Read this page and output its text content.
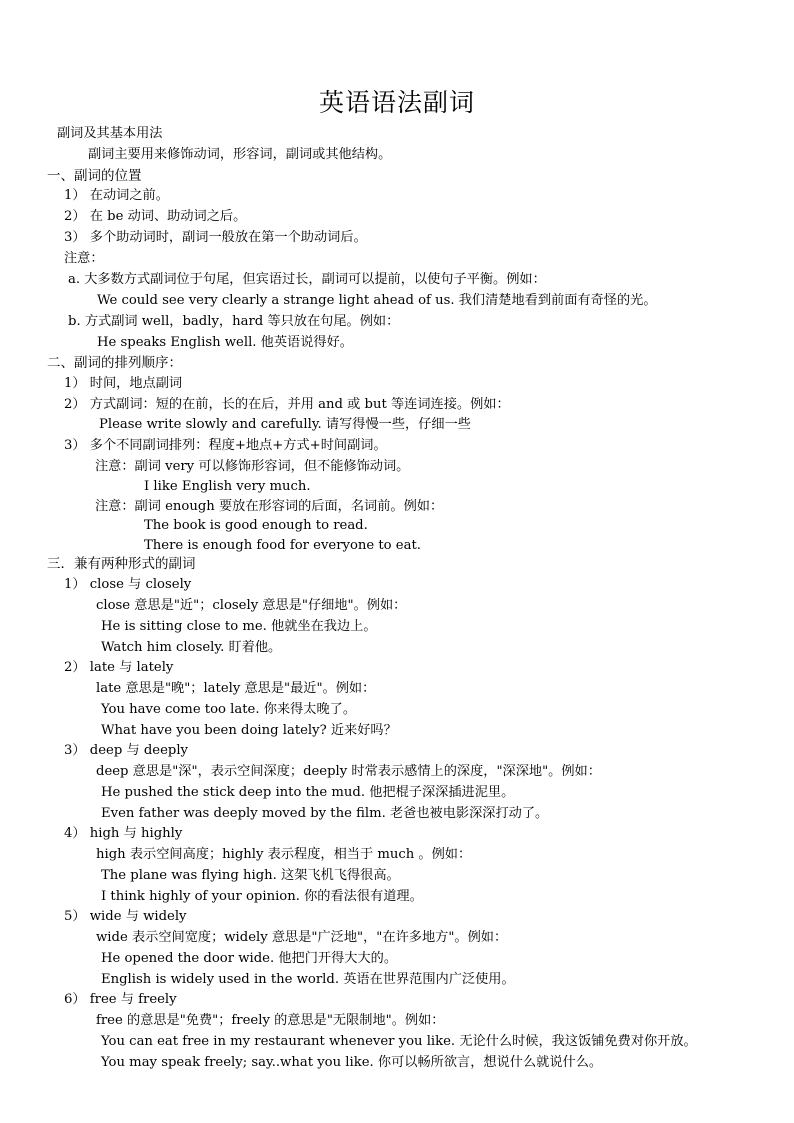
英语语法副词
副词及其基本用法
副词主要用来修饰动词，形容词，副词或其他结构。
一、副词的位置
1） 在动词之前。
2） 在 be 动词、助动词之后。
3） 多个助动词时，副词一般放在第一个助动词后。
注意：
a. 大多数方式副词位于句尾，但宾语过长，副词可以提前，以使句子平衡。例如：
We could see very clearly a strange light ahead of us. 我们清楚地看到前面有奇怪的光。
b. 方式副词 well，badly，hard 等只放在句尾。例如：
He speaks English well. 他英语说得好。
二、副词的排列顺序：
1） 时间，地点副词
2） 方式副词：短的在前，长的在后，并用 and 或 but 等连词连接。例如：
Please write slowly and carefully. 请写得慢一些，仔细一些
3） 多个不同副词排列：程度+地点+方式+时间副词。
注意：副词 very 可以修饰形容词，但不能修饰动词。
I like English very much.
注意：副词 enough 要放在形容词的后面，名词前。例如：
The book is good enough to read.
There is enough food for everyone to eat.
三．兼有两种形式的副词
1） close 与 closely
close 意思是"近"；closely 意思是"仔细地"。例如：
He is sitting close to me. 他就坐在我边上。
Watch him closely. 盯着他。
2） late 与 lately
late 意思是"晚"；lately 意思是"最近"。例如：
You have come too late. 你来得太晚了。
What have you been doing lately? 近来好吗？
3） deep 与 deeply
deep 意思是"深"，表示空间深度；deeply 时常表示感情上的深度，"深深地"。例如：
He pushed the stick deep into the mud. 他把棍子深深插进泥里。
Even father was deeply moved by the film. 老爸也被电影深深打动了。
4） high 与 highly
high 表示空间高度；highly 表示程度，相当于 much 。例如：
The plane was flying high. 这架飞机飞得很高。
I think highly of your opinion. 你的看法很有道理。
5） wide 与 widely
wide 表示空间宽度；widely 意思是"广泛地"，"在许多地方"。例如：
He opened the door wide. 他把门开得大大的。
English is widely used in the world. 英语在世界范围内广泛使用。
6） free 与 freely
free 的意思是"免费"；freely 的意思是"无限制地"。例如：
You can eat free in my restaurant whenever you like. 无论什么时候，我这饭铺免费对你开放。
You may speak freely; say..what you like. 你可以畅所欲言，想说什么就说什么。
